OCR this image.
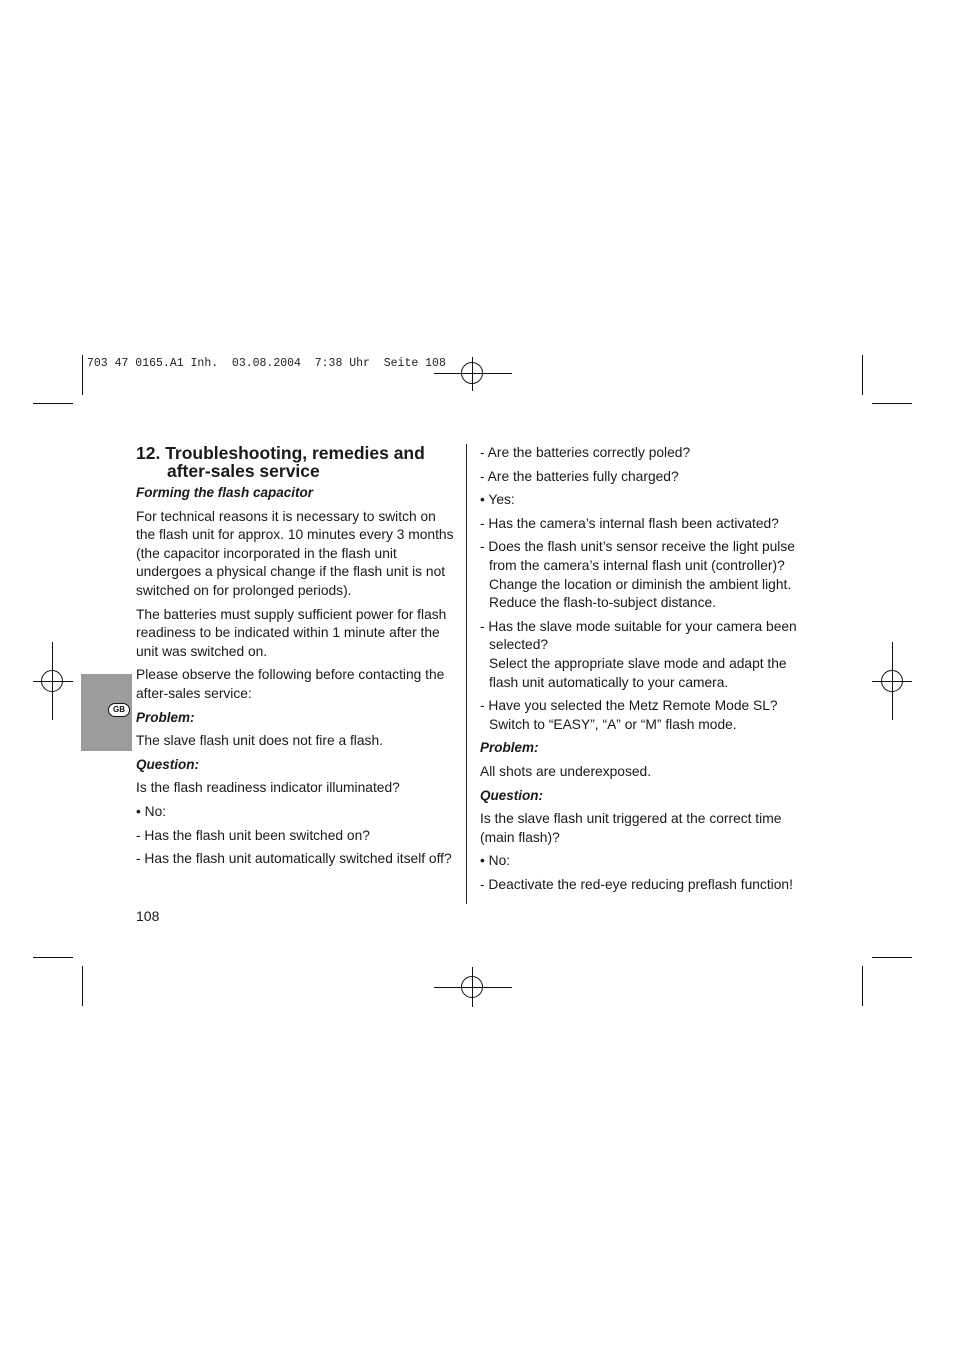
703 47 0165.A1 Inh.  03.08.2004  7:38 Uhr  Seite 108
GB
12. Troubleshooting, remedies and after-sales service
Forming the flash capacitor

For technical reasons it is necessary to switch on the flash unit for approx. 10 minutes every 3 months (the capacitor incorporated in the flash unit undergoes a physical change if the flash unit is not switched on for prolonged periods).

The batteries must supply sufficient power for flash readiness to be indicated within 1 minute after the unit was switched on.

Please observe the following before contacting the after-sales service:

Problem:

The slave flash unit does not fire a flash.

Question:

Is the flash readiness indicator illuminated?

• No:

- Has the flash unit been switched on?

- Has the flash unit automatically switched itself off?

- Are the batteries correctly poled?

- Are the batteries fully charged?

• Yes:

- Has the camera’s internal flash been activated?

- Does the flash unit’s sensor receive the light pulse from the camera’s internal flash unit (controller)? Change the location or diminish the ambient light. Reduce the flash-to-subject distance.

- Has the slave mode suitable for your camera been selected?

Select the appropriate slave mode and adapt the flash unit automatically to your camera.

- Have you selected the Metz Remote Mode SL?

Switch to “EASY”, “A” or “M” flash mode.

Problem:

All shots are underexposed.

Question:

Is the slave flash unit triggered at the correct time (main flash)?

• No:

- Deactivate the red-eye reducing preflash function!

108
